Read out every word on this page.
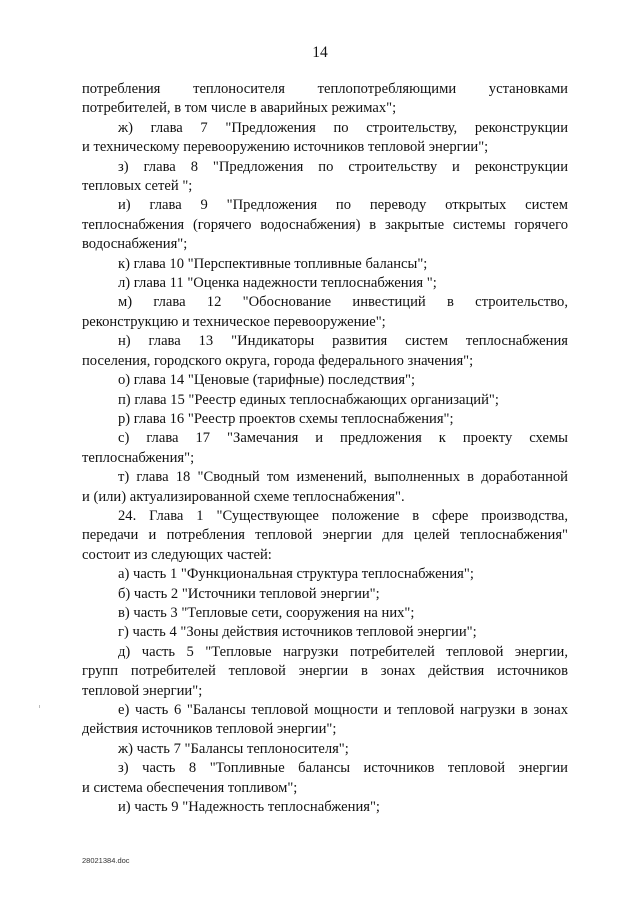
14
потребления теплоносителя теплопотребляющими установками
потребителей, в том числе в аварийных режимах";
ж) глава 7 "Предложения по строительству, реконструкции
и техническому перевооружению источников тепловой энергии";
з) глава 8 "Предложения по строительству и реконструкции
тепловых сетей ";
и) глава 9 "Предложения по переводу открытых систем
теплоснабжения (горячего водоснабжения) в закрытые системы горячего
водоснабжения";
к) глава 10 "Перспективные топливные балансы";
л) глава 11 "Оценка надежности теплоснабжения ";
м) глава 12 "Обоснование инвестиций в строительство,
реконструкцию и техническое перевооружение";
н) глава 13 "Индикаторы развития систем теплоснабжения
поселения, городского округа, города федерального значения";
о) глава 14 "Ценовые (тарифные) последствия";
п) глава 15 "Реестр единых теплоснабжающих организаций";
р) глава 16 "Реестр проектов схемы теплоснабжения";
с) глава 17 "Замечания и предложения к проекту схемы
теплоснабжения";
т) глава 18 "Сводный том изменений, выполненных в доработанной
и (или) актуализированной схеме теплоснабжения".
24. Глава 1 "Существующее положение в сфере производства,
передачи и потребления тепловой энергии для целей теплоснабжения"
состоит из следующих частей:
а) часть 1 "Функциональная структура теплоснабжения";
б) часть 2 "Источники тепловой энергии";
в) часть 3 "Тепловые сети, сооружения на них";
г) часть 4 "Зоны действия источников тепловой энергии";
д) часть 5 "Тепловые нагрузки потребителей тепловой энергии,
групп потребителей тепловой энергии в зонах действия источников
тепловой энергии";
е) часть 6 "Балансы тепловой мощности и тепловой нагрузки в зонах
действия источников тепловой энергии";
ж) часть 7 "Балансы теплоносителя";
з) часть 8 "Топливные балансы источников тепловой энергии
и система обеспечения топливом";
и) часть 9 "Надежность теплоснабжения";
28021384.doc
